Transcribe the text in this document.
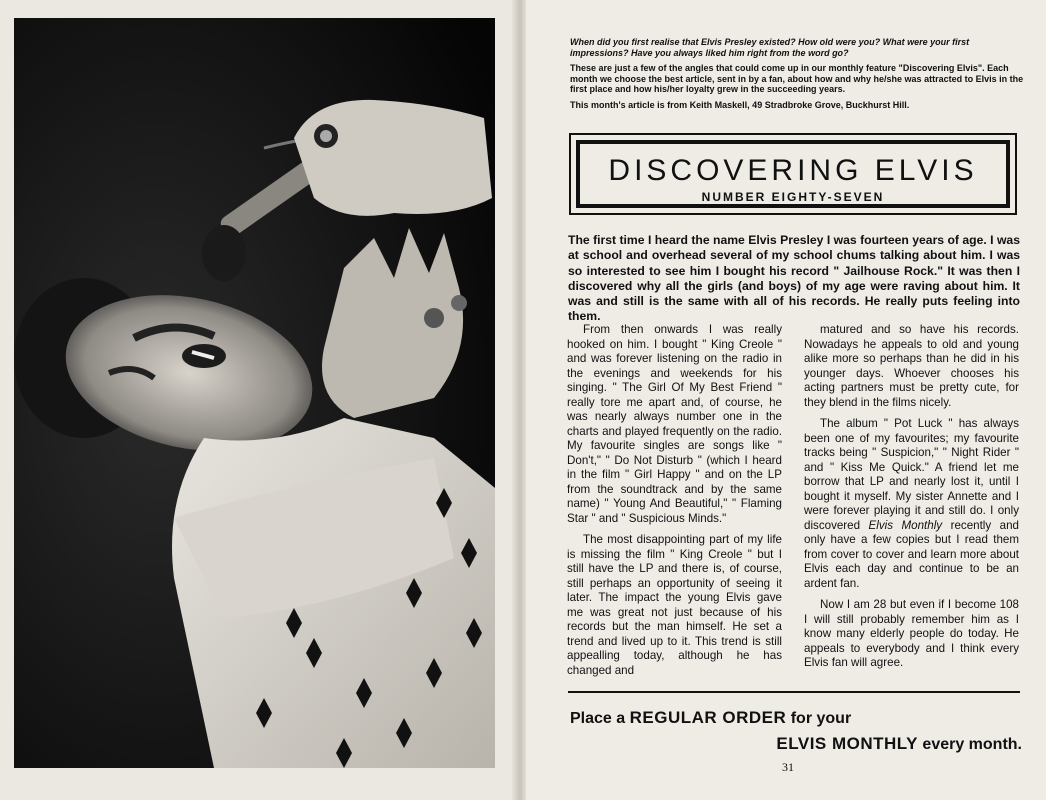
When did you first realise that Elvis Presley existed? How old were you? What were your first impressions? Have you always liked him right from the word go?

These are just a few of the angles that could come up in our monthly feature "Discovering Elvis". Each month we choose the best article, sent in by a fan, about how and why he/she was attracted to Elvis in the first place and how his/her loyalty grew in the succeeding years.

This month's article is from Keith Maskell, 49 Stradbroke Grove, Buckhurst Hill.

DISCOVERING ELVIS
NUMBER EIGHTY-SEVEN
The first time I heard the name Elvis Presley I was fourteen years of age. I was at school and overhead several of my school chums talking about him. I was so interested to see him I bought his record " Jailhouse Rock." It was then I discovered why all the girls (and boys) of my age were raving about him. It was and still is the same with all of his records. He really puts feeling into them.

From then onwards I was really hooked on him. I bought " King Creole " and was forever listening on the radio in the evenings and weekends for his singing. " The Girl Of My Best Friend " really tore me apart and, of course, he was nearly always number one in the charts and played frequently on the radio. My favourite singles are songs like " Don't," " Do Not Disturb " (which I heard in the film " Girl Happy " and on the LP from the soundtrack and by the same name) " Young And Beautiful," " Flaming Star " and " Suspicious Minds."

The most disappointing part of my life is missing the film " King Creole " but I still have the LP and there is, of course, still perhaps an opportunity of seeing it later. The impact the young Elvis gave me was great not just because of his records but the man himself. He set a trend and lived up to it. This trend is still appealling today, although he has changed and

matured and so have his records. Nowadays he appeals to old and young alike more so perhaps than he did in his younger days. Whoever chooses his acting partners must be pretty cute, for they blend in the films nicely.

The album " Pot Luck " has always been one of my favourites; my favourite tracks being " Suspicion," " Night Rider " and " Kiss Me Quick." A friend let me borrow that LP and nearly lost it, until I bought it myself. My sister Annette and I were forever playing it and still do. I only discovered Elvis Monthly recently and only have a few copies but I read them from cover to cover and learn more about Elvis each day and continue to be an ardent fan.

Now I am 28 but even if I become 108 I will still probably remember him as I know many elderly people do today. He appeals to everybody and I think every Elvis fan will agree.

Place a REGULAR ORDER for your
ELVIS MONTHLY every month.
31
